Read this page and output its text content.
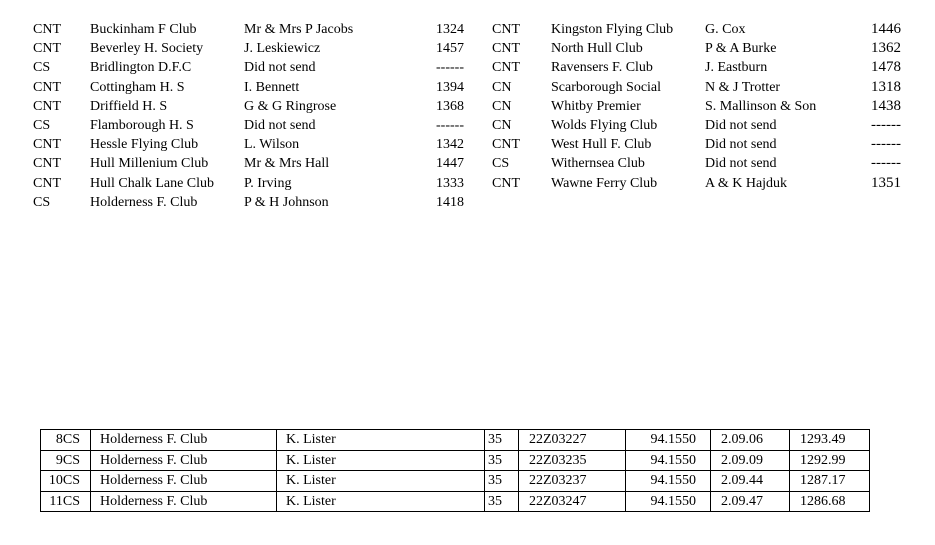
CNT	Buckinham F Club	Mr & Mrs P Jacobs	1324
CNT	Beverley H. Society	J. Leskiewicz	1457
CS	Bridlington D.F.C	Did not send	------
CNT	Cottingham H. S	I. Bennett	1394
CNT	Driffield H. S	G & G Ringrose	1368
CS	Flamborough H. S	Did not send	------
CNT	Hessle Flying Club	L. Wilson	1342
CNT	Hull Millenium Club	Mr & Mrs Hall	1447
CNT	Hull Chalk Lane Club	P. Irving	1333
CS	Holderness F. Club	P & H Johnson	1418
CNT	Kingston Flying Club	G. Cox	1446
CNT	North Hull Club	P & A Burke	1362
CNT	Ravensers F. Club	J. Eastburn	1478
CN	Scarborough Social	N & J Trotter	1318
CN	Whitby Premier	S. Mallinson & Son	1438
CN	Wolds Flying Club	Did not send	------
CNT	West Hull F. Club	Did not send	------
CS	Withernsea Club	Did not send	------
CNT	Wawne Ferry Club	A & K Hajduk	1351
8CS	Holderness F. Club	K. Lister	35	22Z03227	94.1550	2.09.06	1293.49
9CS	Holderness F. Club	K. Lister	35	22Z03235	94.1550	2.09.09	1292.99
10CS	Holderness F. Club	K. Lister	35	22Z03237	94.1550	2.09.44	1287.17
11CS	Holderness F. Club	K. Lister	35	22Z03247	94.1550	2.09.47	1286.68
